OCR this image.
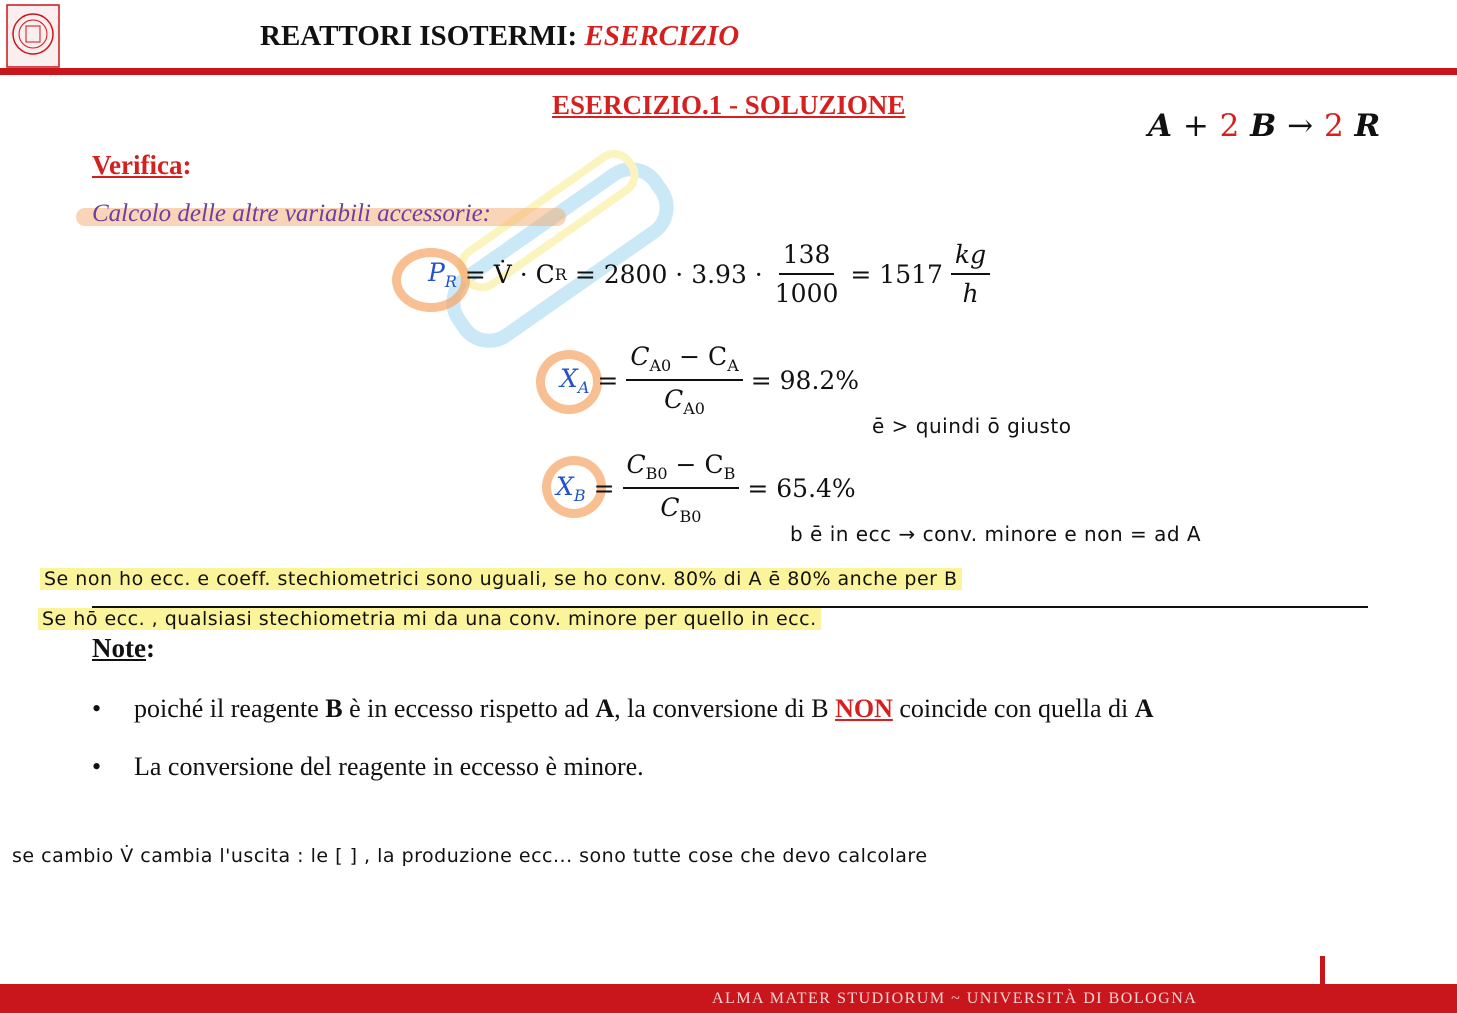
REATTORI ISOTERMI: ESERCIZIO
ESERCIZIO.1 - SOLUZIONE
A + 2 B → 2 R
Verifica:
Calcolo delle altre variabili accessorie:
$P_R$ = V̇ · C $R = 2800 \cdot 3.93 \cdot \frac{138}{1000} = 1517 \frac{kg}{h}$
$X_A = \frac{C_{A0} - C_A}{C_{A0}} = 98.2\%$
ē > quindi ō giusto
$X_B = \frac{C_{B0} - C_B}{C_{B0}} = 65.4\%$
b ē in ecc → conv. minore e non = ad A
Se non ho ecc. e coeff. stechiometrici sono uguali, se ho conv. 80% di A ē 80% anche per B
Se hō ecc. , qualsiasi stechiometria mi da una conv. minore per quello in ecc.
Note:
•	poiché il reagente B è in eccesso rispetto ad A, la conversione di B NON coincide con quella di A
•	La conversione del reagente in eccesso è minore.
se cambio V̇ cambia l'uscita : le [ ] , la produzione ecc... sono tutte cose che devo calcolare
ALMA MATER STUDIORUM ~ UNIVERSITÀ DI BOLOGNA
